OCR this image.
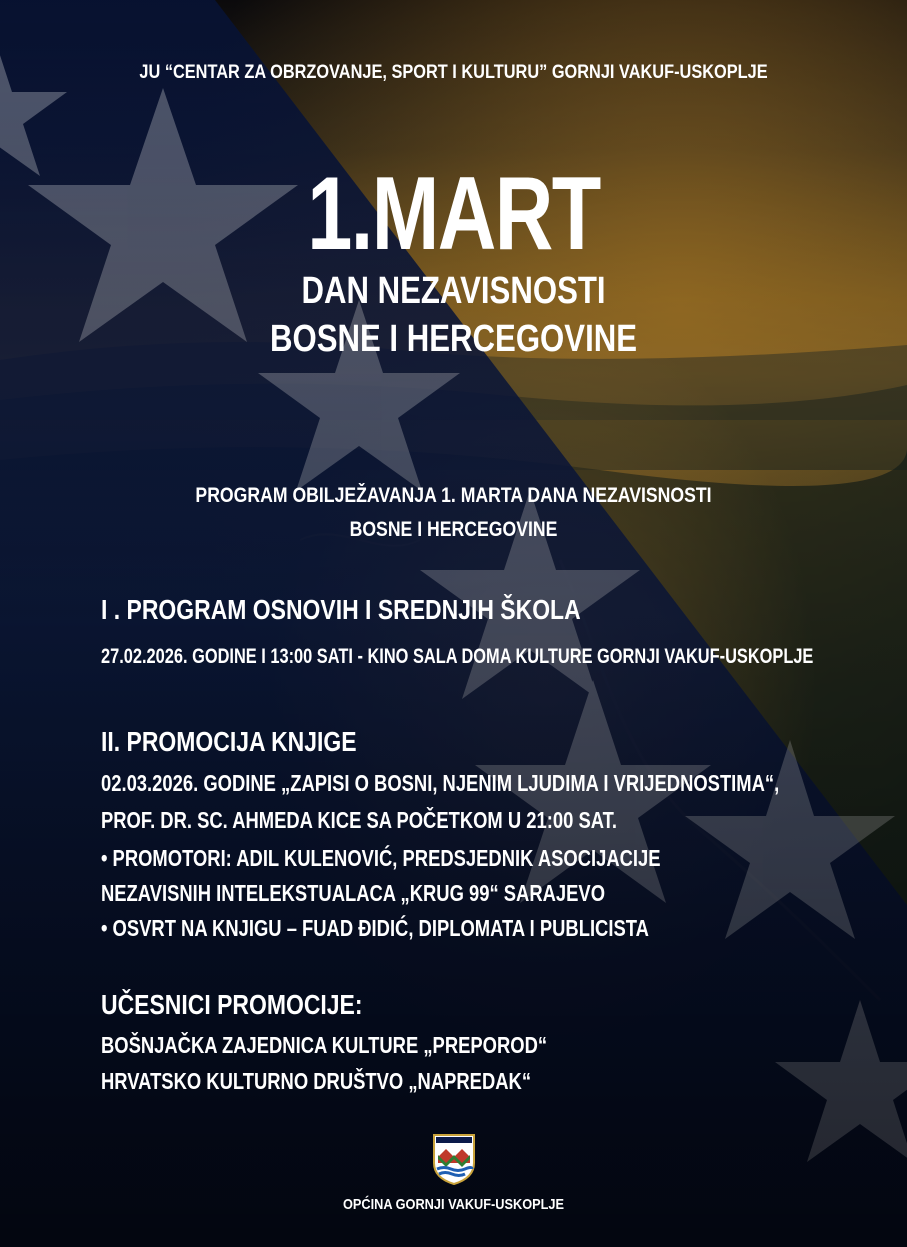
JU “CENTAR ZA OBRZOVANJE, SPORT I KULTURU” GORNJI VAKUF-USKOPLJE
1.MART
DAN NEZAVISNOSTI
BOSNE I HERCEGOVINE
PROGRAM OBILJEŽAVANJA 1. MARTA DANA NEZAVISNOSTI
BOSNE I HERCEGOVINE
I . PROGRAM OSNOVIH I SREDNJIH ŠKOLA
27.02.2026. GODINE I 13:00 SATI - KINO SALA DOMA KULTURE GORNJI VAKUF-USKOPLJE
II. PROMOCIJA KNJIGE
02.03.2026. GODINE „ZAPISI O BOSNI, NJENIM LJUDIMA I VRIJEDNOSTIMA“,
PROF. DR. SC. AHMEDA KICE SA POČETKOM U 21:00 SAT.
• PROMOTORI: ADIL KULENOVIĆ, PREDSJEDNIK ASOCIJACIJE
NEZAVISNIH INTELEKSTUALACA „KRUG 99“ SARAJEVO
• OSVRT NA KNJIGU – FUAD ĐIDIĆ, DIPLOMATA I PUBLICISTA
UČESNICI PROMOCIJE:
BOŠNJAČKA ZAJEDNICA KULTURE „PREPOROD“
HRVATSKO KULTURNO DRUŠTVO „NAPREDAK“
OPĆINA GORNJI VAKUF-USKOPLJE
